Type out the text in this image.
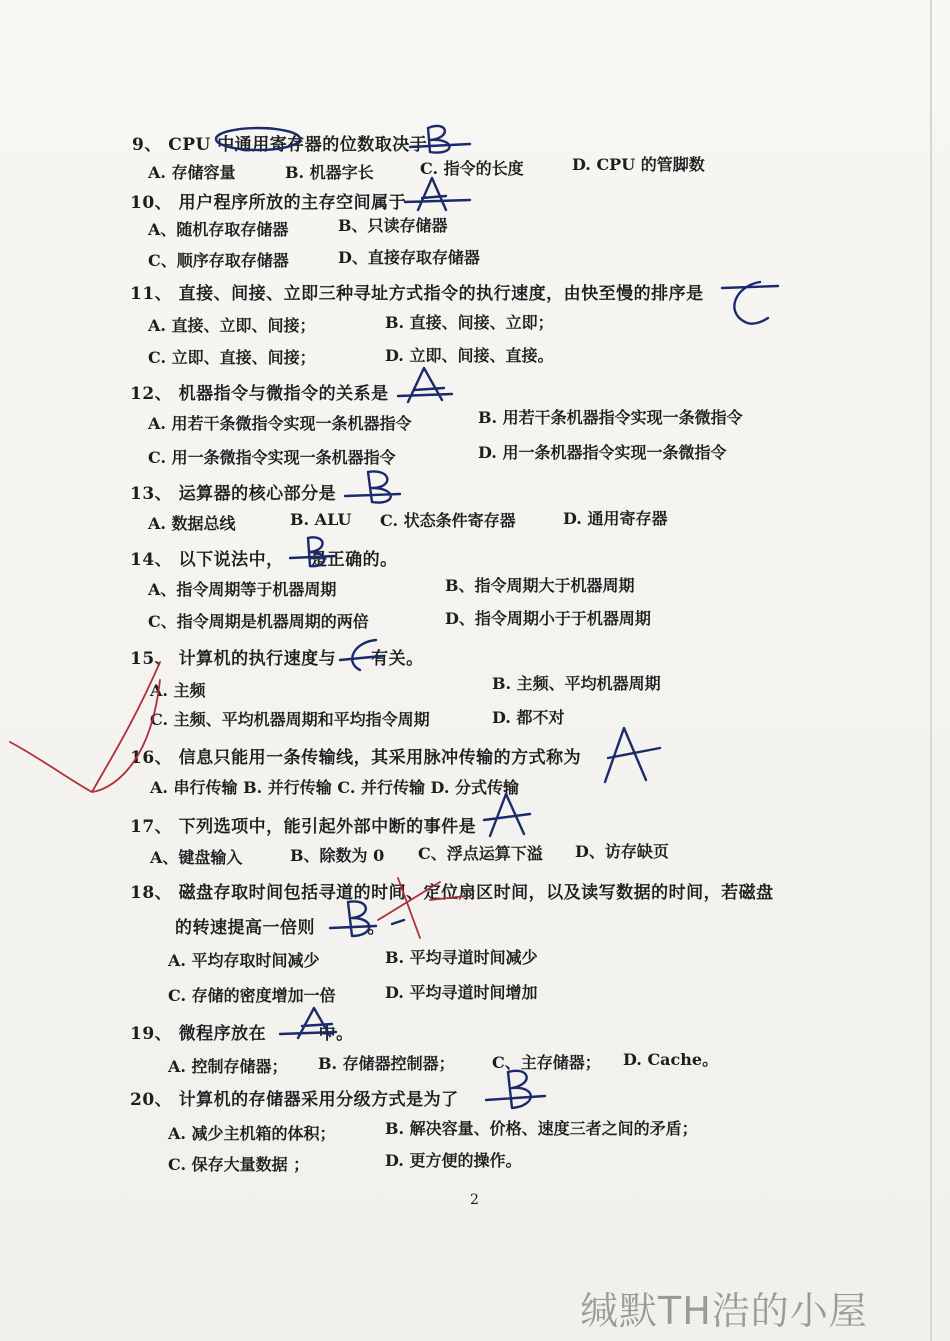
9、 CPU 中通用寄存器的位数取决于
A. 存储容量	B. 机器字长	C. 指令的长度	D. CPU 的管脚数
10、 用户程序所放的主存空间属于
A、随机存取存储器	B、只读存储器
C、顺序存取存储器	D、直接存取存储器
11、 直接、间接、立即三种寻址方式指令的执行速度，由快至慢的排序是
A. 直接、立即、间接；	B. 直接、间接、立即；
C. 立即、直接、间接；	D. 立即、间接、直接。
12、 机器指令与微指令的关系是
A. 用若干条微指令实现一条机器指令	B. 用若干条机器指令实现一条微指令
C. 用一条微指令实现一条机器指令	D. 用一条机器指令实现一条微指令
13、 运算器的核心部分是
A. 数据总线	B. ALU C. 状态条件寄存器	D. 通用寄存器
14、 以下说法中，　　是正确的。
A、指令周期等于机器周期	B、指令周期大于机器周期
C、指令周期是机器周期的两倍	D、指令周期小于于机器周期
15、 计算机的执行速度与　　有关。
A. 主频	B. 主频、平均机器周期
C. 主频、平均机器周期和平均指令周期	D. 都不对
16、 信息只能用一条传输线，其采用脉冲传输的方式称为
A. 串行传输 B. 并行传输 C. 并行传输 D. 分式传输
17、 下列选项中，能引起外部中断的事件是
A、键盘输入	B、除数为 0 C、浮点运算下溢 D、访存缺页
18、 磁盘存取时间包括寻道的时间、定位扇区时间，以及读写数据的时间，若磁盘
的转速提高一倍则　　　。
A. 平均存取时间减少	B. 平均寻道时间减少
C. 存储的密度增加一倍	D. 平均寻道时间增加
19、 微程序放在　　　中。
A. 控制存储器； B. 存储器控制器； C、主存储器； D. Cache。
20、 计算机的存储器采用分级方式是为了
A. 减少主机箱的体积；	B. 解决容量、价格、速度三者之间的矛盾；
C. 保存大量数据 ；	D. 更方便的操作。
2
缄默TH浩的小屋
